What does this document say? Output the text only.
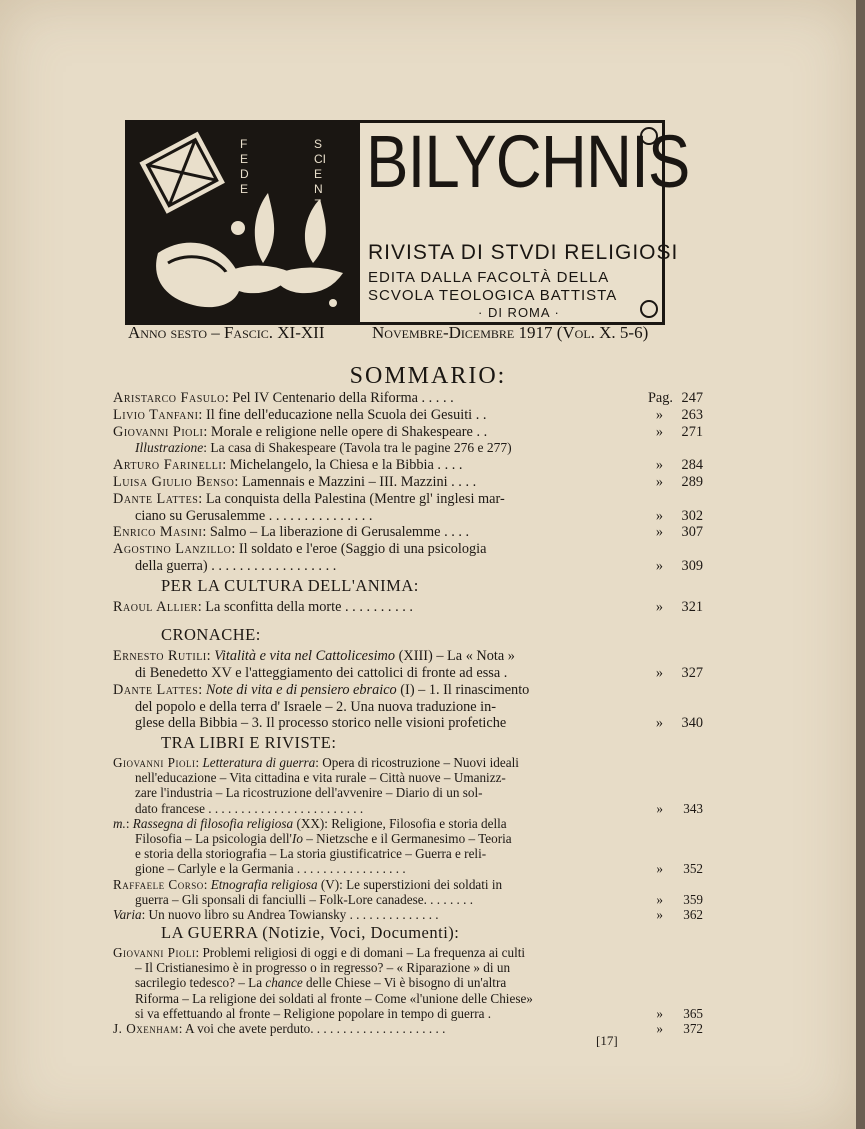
FEDE
SCIENZA
BILYCHNIS
RIVISTA DI STVDI RELIGIOSI
EDITA DALLA FACOLTÀ DELLA
SCVOLA TEOLOGICA BATTISTA
· DI ROMA ·
Anno sesto – Fascic. XI-XII	Novembre-Dicembre 1917 (Vol. X. 5-6)
SOMMARIO:
Aristarco Fasulo: Pel IV Centenario della Riforma . . . . .	Pag. 247
Livio Tanfani: Il fine dell'educazione nella Scuola dei Gesuiti . .	» 263
Giovanni Pioli: Morale e religione nelle opere di Shakespeare . .	» 271
Illustrazione: La casa di Shakespeare (Tavola tra le pagine 276 e 277)
Arturo Farinelli: Michelangelo, la Chiesa e la Bibbia . . . .	» 284
Luisa Giulio Benso: Lamennais e Mazzini – III. Mazzini . . . .	» 289
Dante Lattes: La conquista della Palestina (Mentre gl' inglesi mar-
ciano su Gerusalemme . . . . . . . . . . . . . . .	» 302
Enrico Masini: Salmo – La liberazione di Gerusalemme . . . .	» 307
Agostino Lanzillo: Il soldato e l'eroe (Saggio di una psicologia
della guerra) . . . . . . . . . . . . . . . . . .	» 309
PER LA CULTURA DELL'ANIMA:
Raoul Allier: La sconfitta della morte . . . . . . . . . .	» 321
CRONACHE:
Ernesto Rutili: Vitalità e vita nel Cattolicesimo (XIII) – La « Nota »
di Benedetto XV e l'atteggiamento dei cattolici di fronte ad essa .	» 327
Dante Lattes: Note di vita e di pensiero ebraico (I) – 1. Il rinascimento
del popolo e della terra d' Israele – 2. Una nuova traduzione in-
glese della Bibbia – 3. Il processo storico nelle visioni profetiche	» 340
TRA LIBRI E RIVISTE:
Giovanni Pioli: Letteratura di guerra: Opera di ricostruzione – Nuovi ideali
nell'educazione – Vita cittadina e vita rurale – Città nuove – Umanizz-
zare l'industria – La ricostruzione dell'avvenire – Diario di un sol-
dato francese . . . . . . . . . . . . . . . . . . . . . . . .	» 343
m.: Rassegna di filosofia religiosa (XX): Religione, Filosofia e storia della
Filosofia – La psicologia dell'Io – Nietzsche e il Germanesimo – Teoria
e storia della storiografia – La storia giustificatrice – Guerra e reli-
gione – Carlyle e la Germania . . . . . . . . . . . . . . . . .	» 352
Raffaele Corso: Etnografia religiosa (V): Le superstizioni dei soldati in
guerra – Gli sponsali di fanciulli – Folk-Lore canadese. . . . . . . .	» 359
Varia: Un nuovo libro su Andrea Towiansky . . . . . . . . . . . . . .	» 362
LA GUERRA (Notizie, Voci, Documenti):
Giovanni Pioli: Problemi religiosi di oggi e di domani – La frequenza ai culti
– Il Cristianesimo è in progresso o in regresso? – « Riparazione » di un
sacrilegio tedesco? – La chance delle Chiese – Vi è bisogno di un'altra
Riforma – La religione dei soldati al fronte – Come «l'unione delle Chiese»
si va effettuando al fronte – Religione popolare in tempo di guerra .	» 365
J. Oxenham: A voi che avete perduto. . . . . . . . . . . . . . . . . . . . .	» 372
[17]
